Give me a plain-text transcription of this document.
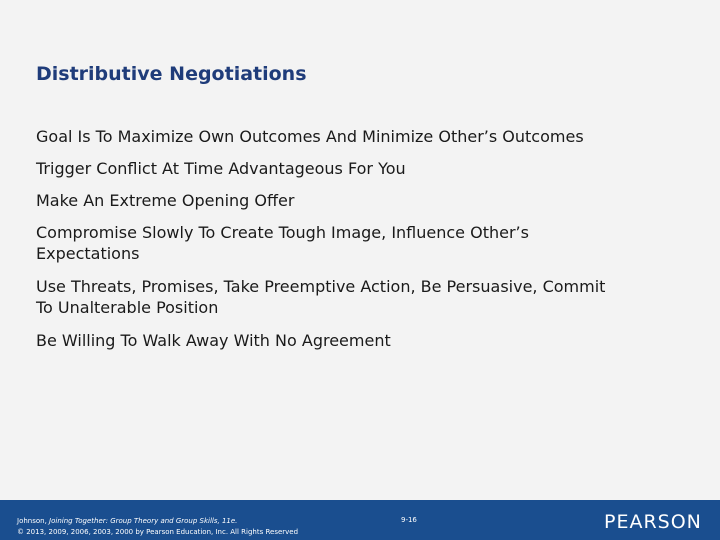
Distributive Negotiations
Goal Is To Maximize Own Outcomes And Minimize Other’s Outcomes
Trigger Conflict At Time Advantageous For You
Make An Extreme Opening Offer
Compromise Slowly To Create Tough Image, Influence Other’s Expectations
Use Threats, Promises, Take Preemptive Action, Be Persuasive, Commit To Unalterable Position
Be Willing To Walk Away With No Agreement
Johnson, Joining Together: Group Theory and Group Skills, 11e.
© 2013, 2009, 2006, 2003, 2000 by Pearson Education, Inc. All Rights Reserved
9-16	PEARSON
